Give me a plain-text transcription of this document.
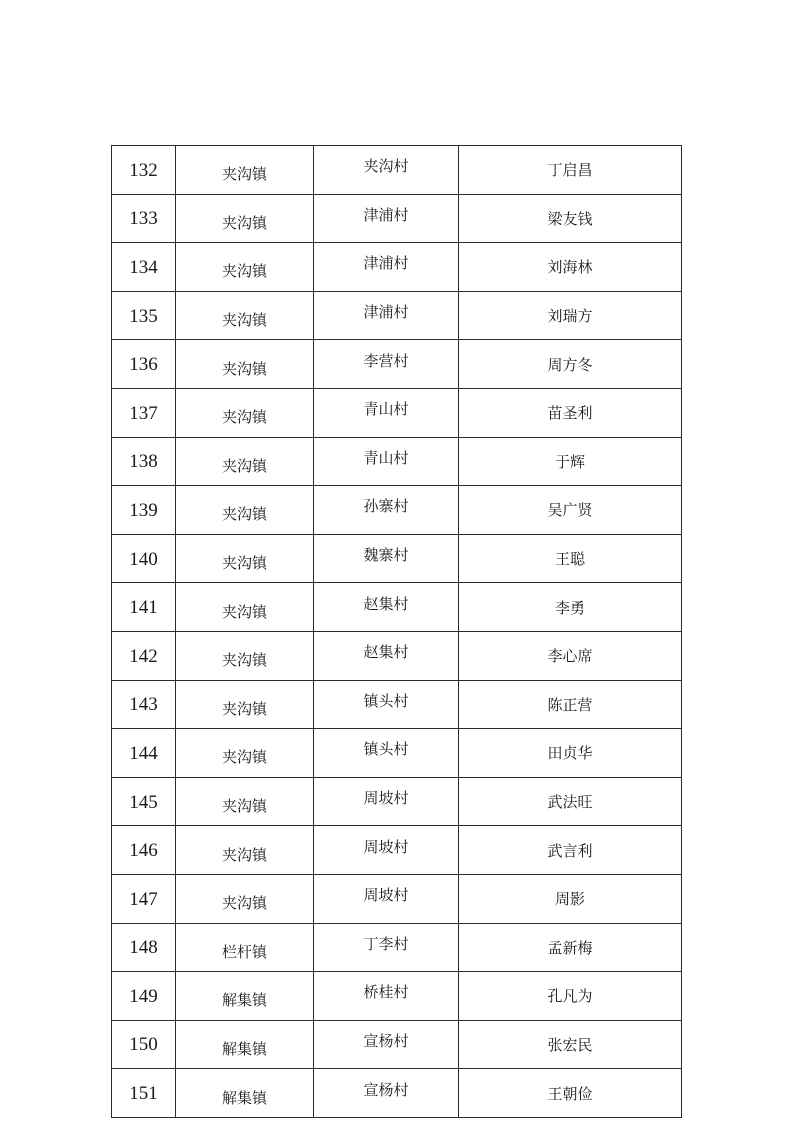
132	夹沟镇	夹沟村	丁启昌
133	夹沟镇	津浦村	梁友钱
134	夹沟镇	津浦村	刘海林
135	夹沟镇	津浦村	刘瑞方
136	夹沟镇	李营村	周方冬
137	夹沟镇	青山村	苗圣利
138	夹沟镇	青山村	于辉
139	夹沟镇	孙寨村	吴广贤
140	夹沟镇	魏寨村	王聪
141	夹沟镇	赵集村	李勇
142	夹沟镇	赵集村	李心席
143	夹沟镇	镇头村	陈正营
144	夹沟镇	镇头村	田贞华
145	夹沟镇	周坡村	武法旺
146	夹沟镇	周坡村	武言利
147	夹沟镇	周坡村	周影
148	栏杆镇	丁李村	孟新梅
149	解集镇	桥桂村	孔凡为
150	解集镇	宣杨村	张宏民
151	解集镇	宣杨村	王朝俭
